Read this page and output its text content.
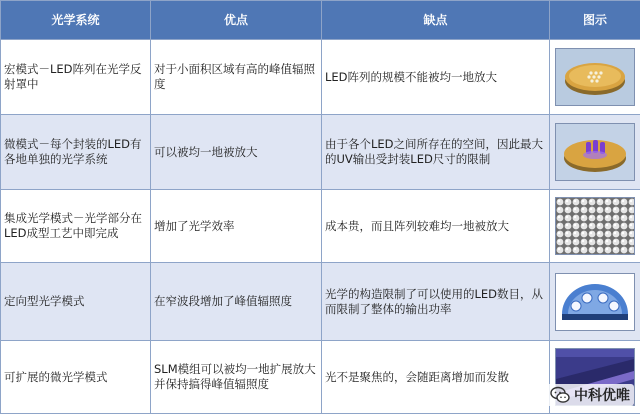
光学系统	优点	缺点	图示
宏模式－LED阵列在光学反射罩中	对于小面积区域有高的峰值辐照度	LED阵列的规模不能被均一地放大	

微模式－每个封装的LED有各地单独的光学系统	可以被均一地被放大	由于各个LED之间所存在的空间，因此最大的UV输出受封装LED尺寸的限制	

集成光学模式－光学部分在LED成型工艺中即完成	增加了光学效率	成本贵，而且阵列较难均一地被放大	

定向型光学模式	在窄波段增加了峰值辐照度	光学的构造限制了可以使用的LED数目，从而限制了整体的输出功率	

可扩展的微光学模式	SLM模组可以被均一地扩展放大并保持搞得峰值辐照度	光不是聚焦的，会随距离增加而发散	
中科优唯
